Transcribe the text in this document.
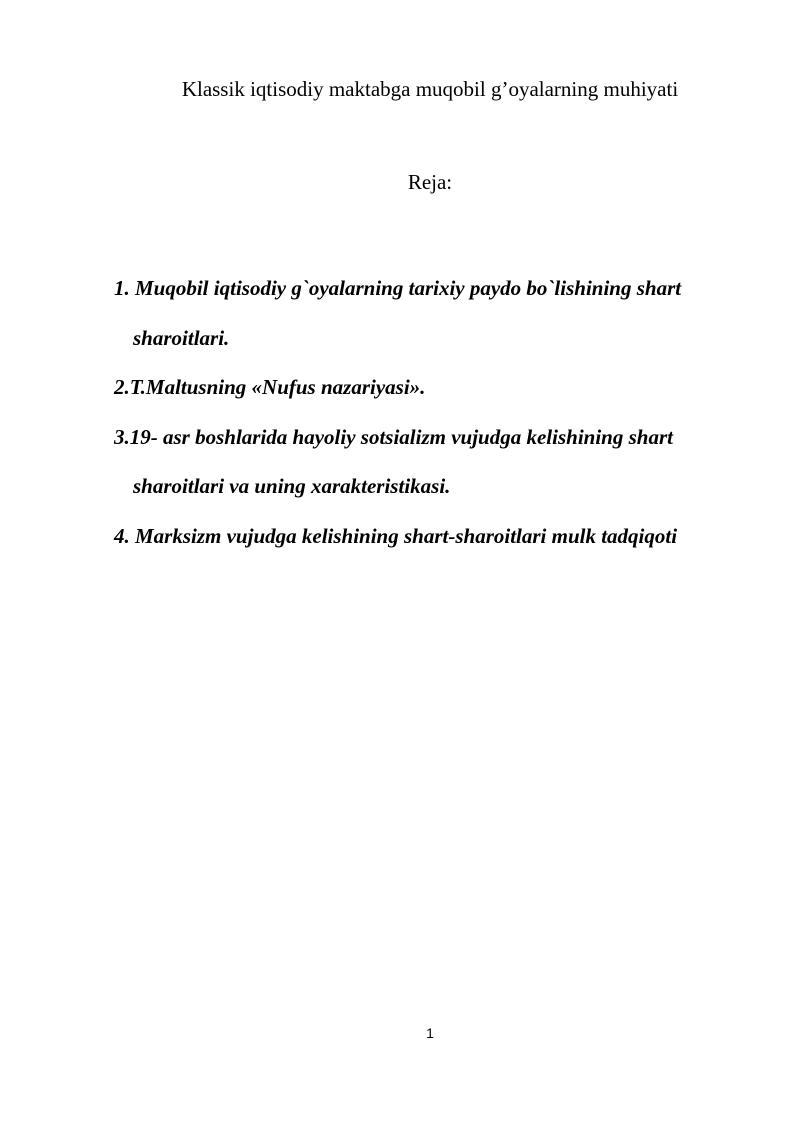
Klassik iqtisodiy maktabga muqobil g’oyalarning muhiyati
Reja:
1. Muqobil iqtisodiy g`oyalarning tarixiy paydo bo`lishining shart
sharoitlari.
2.T.Maltusning «Nufus nazariyasi».
3.19- asr boshlarida hayoliy sotsializm vujudga kelishining shart
sharoitlari va uning xarakteristikasi.
4. Marksizm vujudga kelishining shart-sharoitlari mulk tadqiqoti
1
